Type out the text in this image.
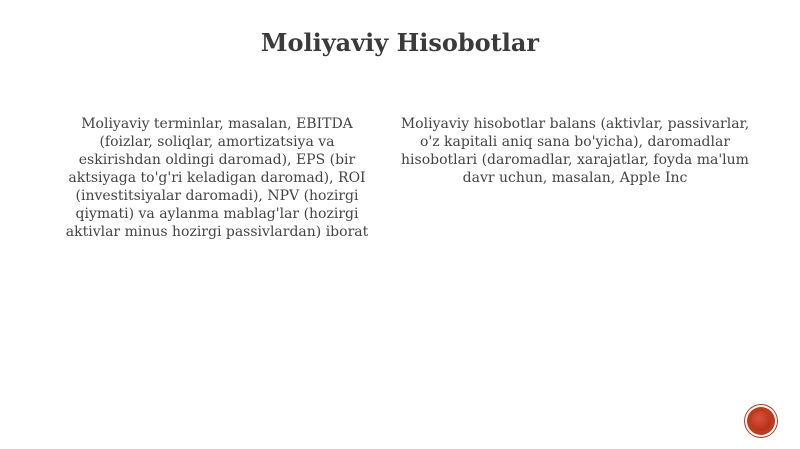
Moliyaviy Hisobotlar
Moliyaviy terminlar, masalan, EBITDA (foizlar, soliqlar, amortizatsiya va eskirishdan oldingi daromad), EPS (bir aktsiyaga to'g'ri keladigan daromad), ROI (investitsiyalar daromadi), NPV (hozirgi qiymati) va aylanma mablag'lar (hozirgi aktivlar minus hozirgi passivlardan) iborat
Moliyaviy hisobotlar balans (aktivlar, passivarlar, o'z kapitali aniq sana bo'yicha), daromadlar hisobotlari (daromadlar, xarajatlar, foyda ma'lum davr uchun, masalan, Apple Inc
